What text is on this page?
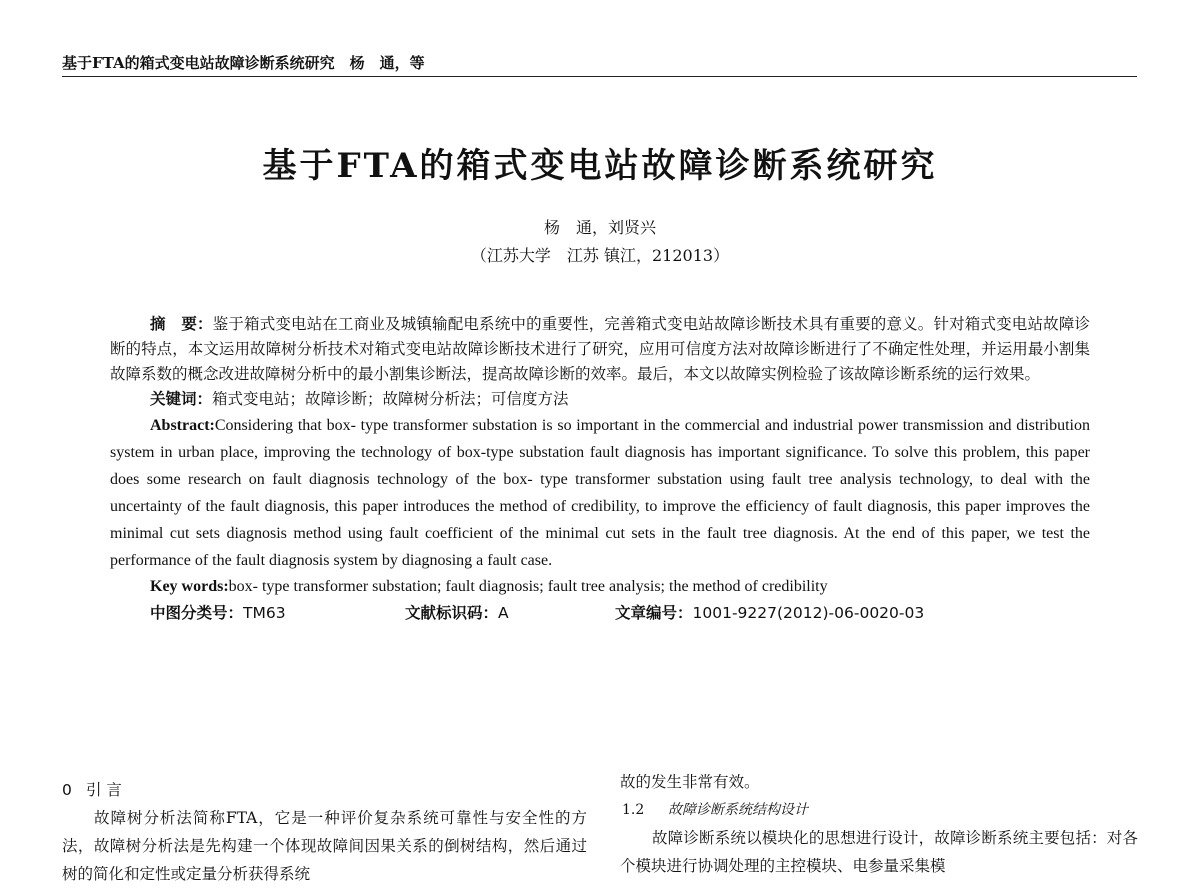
基于FTA的箱式变电站故障诊断系统研究　杨　通，等
基于FTA的箱式变电站故障诊断系统研究
杨　通，刘贤兴
（江苏大学　江苏 镇江，212013）

摘　要：鉴于箱式变电站在工商业及城镇输配电系统中的重要性，完善箱式变电站故障诊断技术具有重要的意义。针对箱式变电站故障诊断的特点，本文运用故障树分析技术对箱式变电站故障诊断技术进行了研究，应用可信度方法对故障诊断进行了不确定性处理，并运用最小割集故障系数的概念改进故障树分析中的最小割集诊断法，提高故障诊断的效率。最后，本文以故障实例检验了该故障诊断系统的运行效果。

关键词：箱式变电站；故障诊断；故障树分析法；可信度方法

Abstract:Considering that box- type transformer substation is so important in the commercial and industrial power transmission and distribution system in urban place, improving the technology of box-type substation fault diagnosis has important significance. To solve this problem, this paper does some research on fault diagnosis technology of the box- type transformer substation using fault tree analysis technology, to deal with the uncertainty of the fault diagnosis, this paper introduces the method of credibility, to improve the efficiency of fault diagnosis, this paper improves the minimal cut sets diagnosis method using fault coefficient of the minimal cut sets in the fault tree diagnosis. At the end of this paper, we test the performance of the fault diagnosis system by diagnosing a fault case.

Key words:box- type transformer substation; fault diagnosis; fault tree analysis; the method of credibility

中图分类号：TM63	文献标识码：A	文章编号：1001-9227(2012)-06-0020-03

0 引 言

故障树分析法简称FTA，它是一种评价复杂系统可靠性与安全性的方法，故障树分析法是先构建一个体现故障间因果关系的倒树结构，然后通过树的简化和定性或定量分析获得系统

故的发生非常有效。

1.2 故障诊断系统结构设计

故障诊断系统以模块化的思想进行设计，故障诊断系统主要包括：对各个模块进行协调处理的主控模块、电参量采集模
